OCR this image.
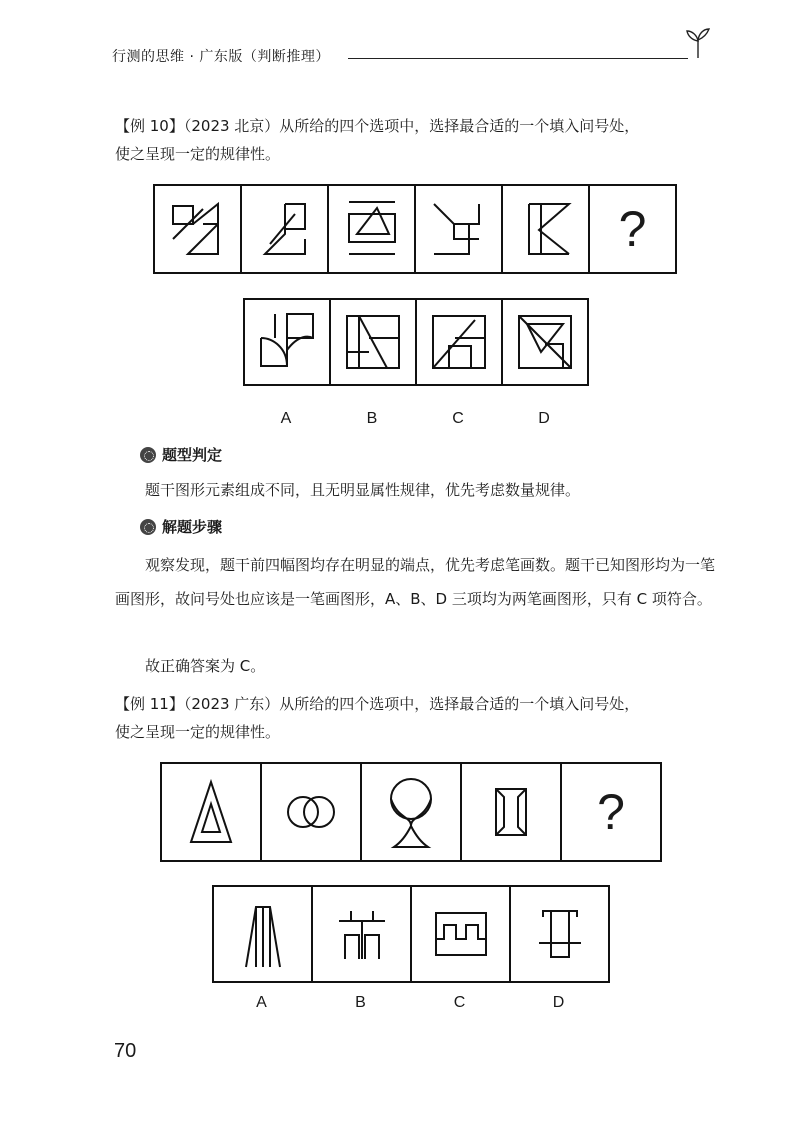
行测的思维 · 广东版（判断推理）
【例 10】（2023 北京）从所给的四个选项中，选择最合适的一个填入问号处，
使之呈现一定的规律性。
?
A	B	C	D
题型判定
题干图形元素组成不同，且无明显属性规律，优先考虑数量规律。
解题步骤
观察发现，题干前四幅图均存在明显的端点，优先考虑笔画数。题干已知图形均为一笔画图形，故问号处也应该是一笔画图形，A、B、D 三项均为两笔画图形，只有 C 项符合。
故正确答案为 C。
【例 11】（2023 广东）从所给的四个选项中，选择最合适的一个填入问号处，
使之呈现一定的规律性。
?
A	B	C	D
70
